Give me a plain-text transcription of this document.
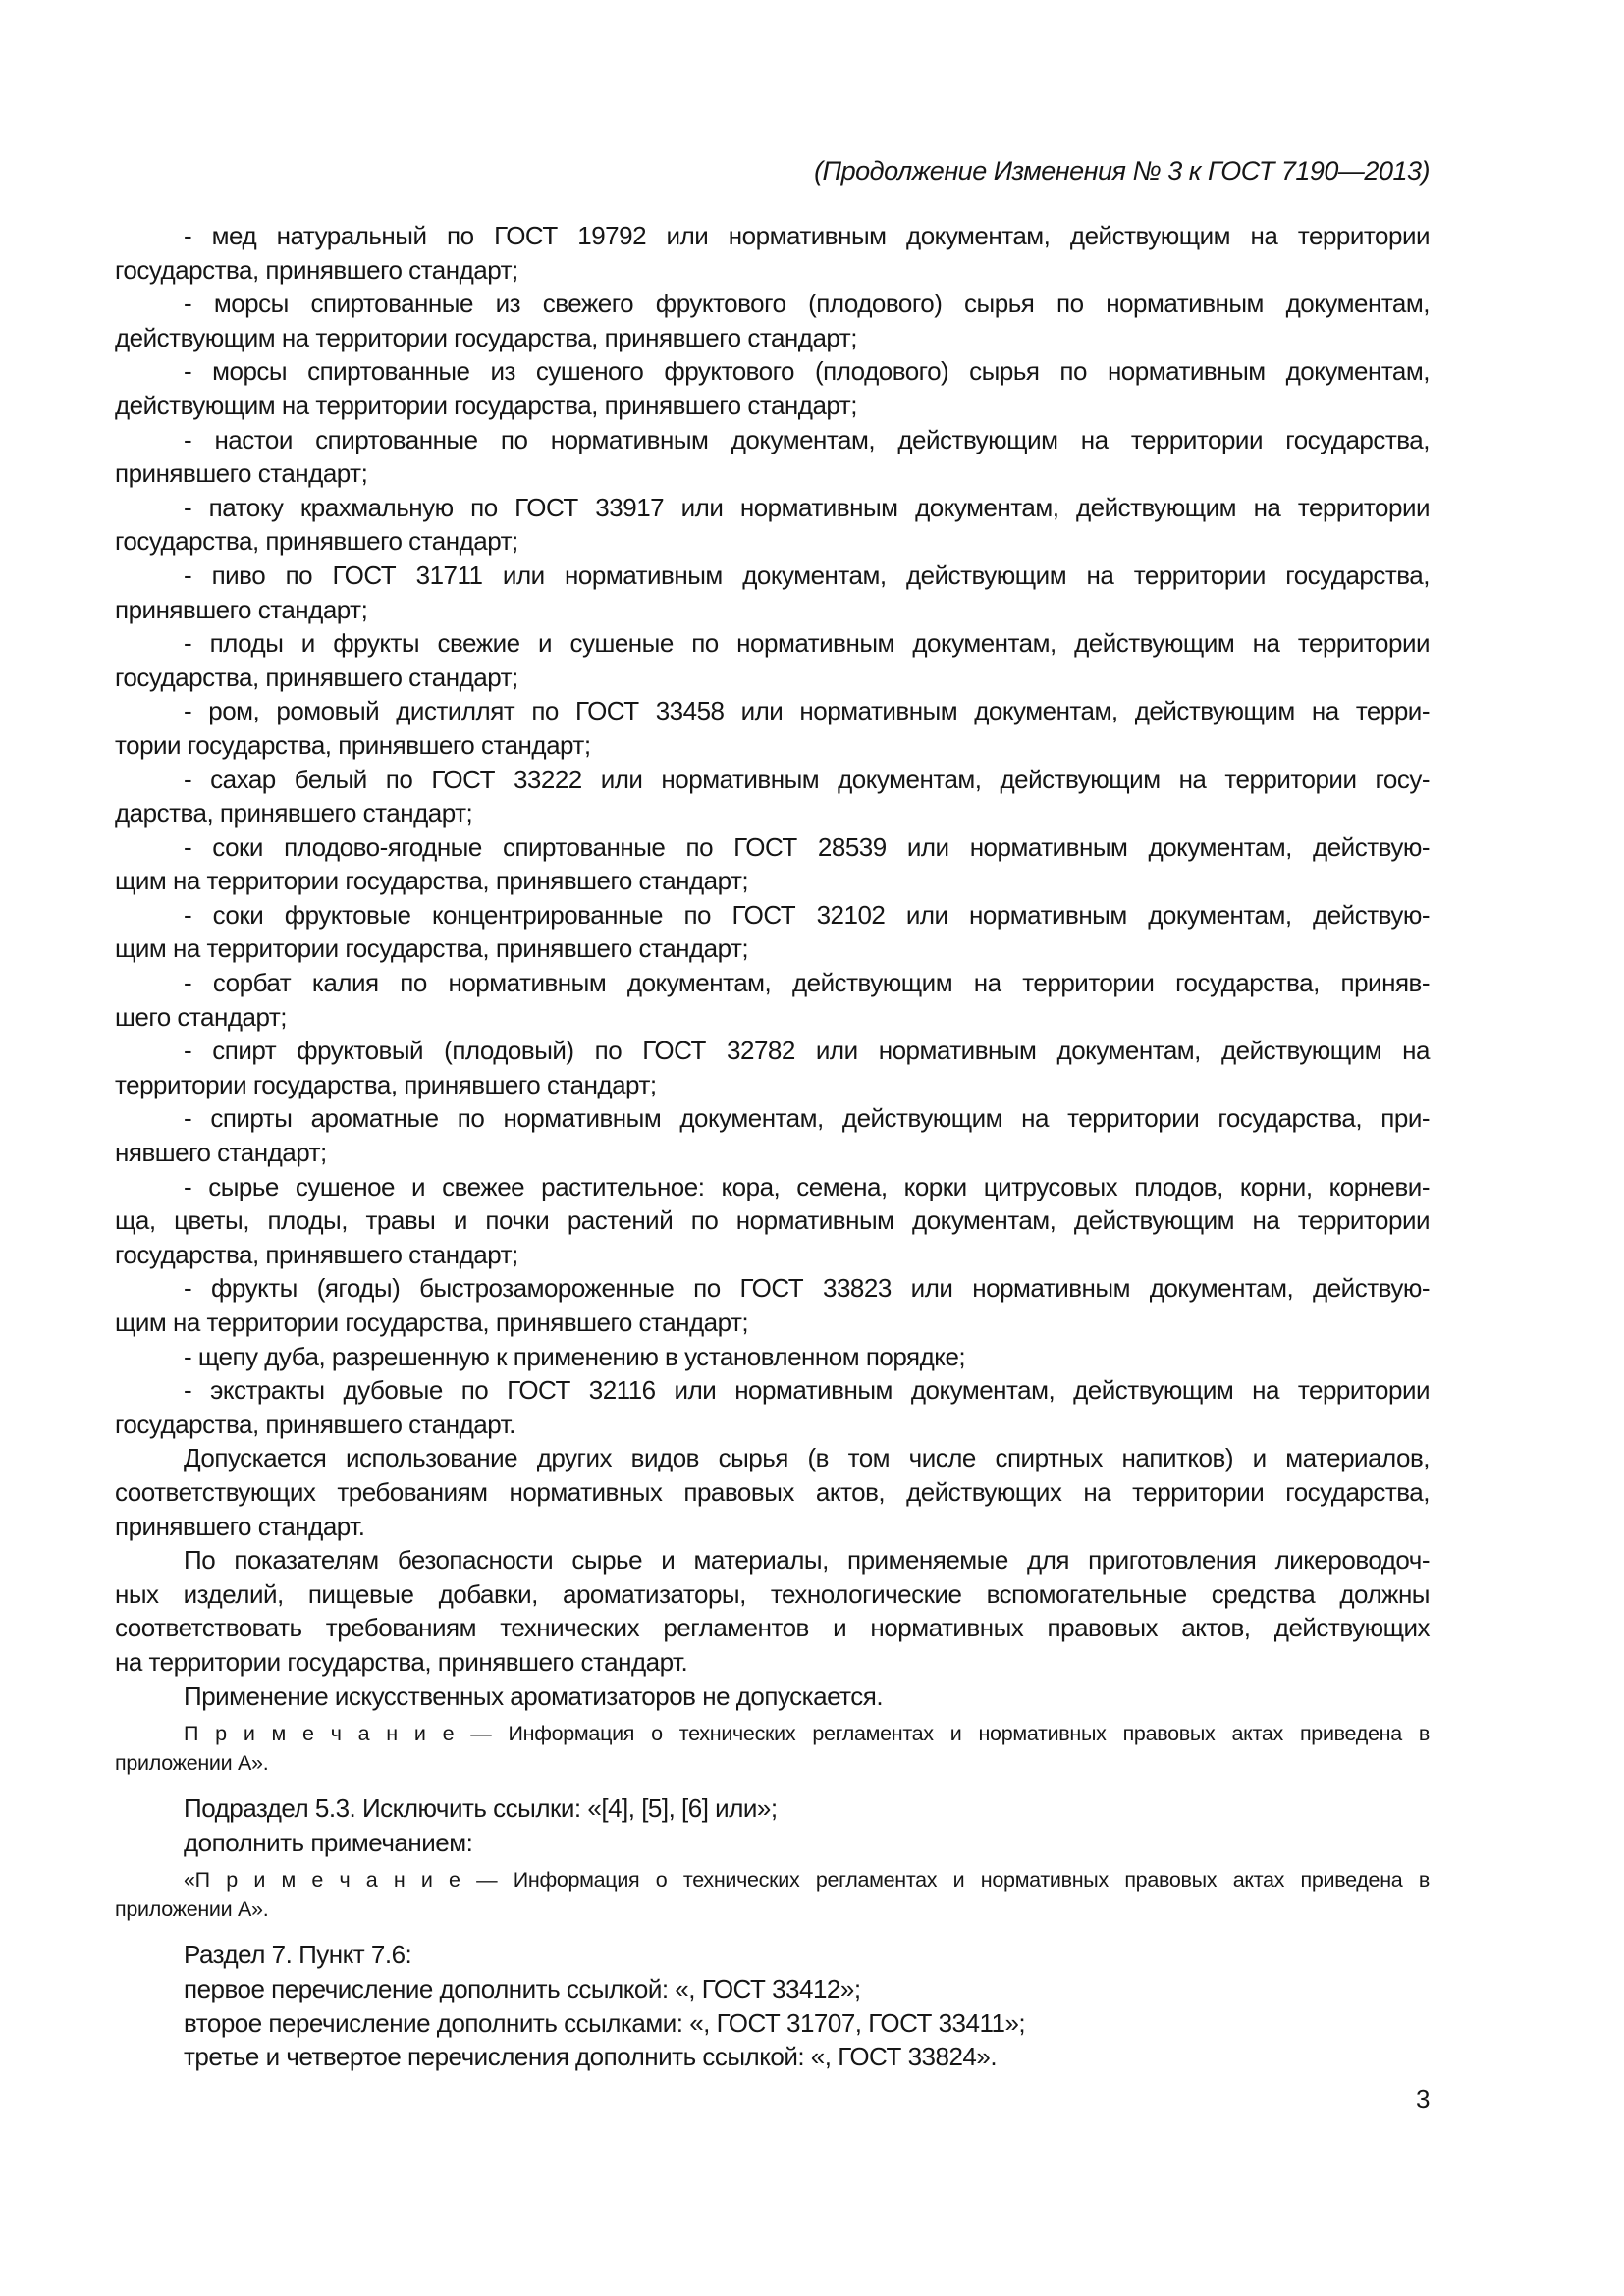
(Продолжение Изменения № 3 к ГОСТ 7190—2013)
- мед натуральный по ГОСТ 19792 или нормативным документам, действующим на территории
государства, принявшего стандарт;
- морсы спиртованные из свежего фруктового (плодового) сырья по нормативным документам,
действующим на территории государства, принявшего стандарт;
- морсы спиртованные из сушеного фруктового (плодового) сырья по нормативным документам,
действующим на территории государства, принявшего стандарт;
- настои спиртованные по нормативным документам, действующим на территории государства,
принявшего стандарт;
- патоку крахмальную по ГОСТ 33917 или нормативным документам, действующим на территории
государства, принявшего стандарт;
- пиво по ГОСТ 31711 или нормативным документам, действующим на территории государства,
принявшего стандарт;
- плоды и фрукты свежие и сушеные по нормативным документам, действующим на территории
государства, принявшего стандарт;
- ром, ромовый дистиллят по ГОСТ 33458 или нормативным документам, действующим на терри-
тории государства, принявшего стандарт;
- сахар белый по ГОСТ 33222 или нормативным документам, действующим на территории госу-
дарства, принявшего стандарт;
- соки плодово-ягодные спиртованные по ГОСТ 28539 или нормативным документам, действую-
щим на территории государства, принявшего стандарт;
- соки фруктовые концентрированные по ГОСТ 32102 или нормативным документам, действую-
щим на территории государства, принявшего стандарт;
- сорбат калия по нормативным документам, действующим на территории государства, приняв-
шего стандарт;
- спирт фруктовый (плодовый) по ГОСТ 32782 или нормативным документам, действующим на
территории государства, принявшего стандарт;
- спирты ароматные по нормативным документам, действующим на территории государства, при-
нявшего стандарт;
- сырье сушеное и свежее растительное: кора, семена, корки цитрусовых плодов, корни, корневи-
ща, цветы, плоды, травы и почки растений по нормативным документам, действующим на территории
государства, принявшего стандарт;
- фрукты (ягоды) быстрозамороженные по ГОСТ 33823 или нормативным документам, действую-
щим на территории государства, принявшего стандарт;
- щепу дуба, разрешенную к применению в установленном порядке;
- экстракты дубовые по ГОСТ 32116 или нормативным документам, действующим на территории
государства, принявшего стандарт.
Допускается использование других видов сырья (в том числе спиртных напитков) и материалов,
соответствующих требованиям нормативных правовых актов, действующих на территории государства,
принявшего стандарт.
По показателям безопасности сырье и материалы, применяемые для приготовления ликероводоч-
ных изделий, пищевые добавки, ароматизаторы, технологические вспомогательные средства должны
соответствовать требованиям технических регламентов и нормативных правовых актов, действующих
на территории государства, принявшего стандарт.
Применение искусственных ароматизаторов не допускается.
П р и м е ч а н и е — Информация о технических регламентах и нормативных правовых актах приведена в
приложении А».
Подраздел 5.3. Исключить ссылки: «[4], [5], [6] или»;
дополнить примечанием:
«П р и м е ч а н и е — Информация о технических регламентах и нормативных правовых актах приведена в
приложении А».
Раздел 7. Пункт 7.6:
первое перечисление дополнить ссылкой: «, ГОСТ 33412»;
второе перечисление дополнить ссылками: «, ГОСТ 31707, ГОСТ 33411»;
третье и четвертое перечисления дополнить ссылкой: «, ГОСТ 33824».
3
